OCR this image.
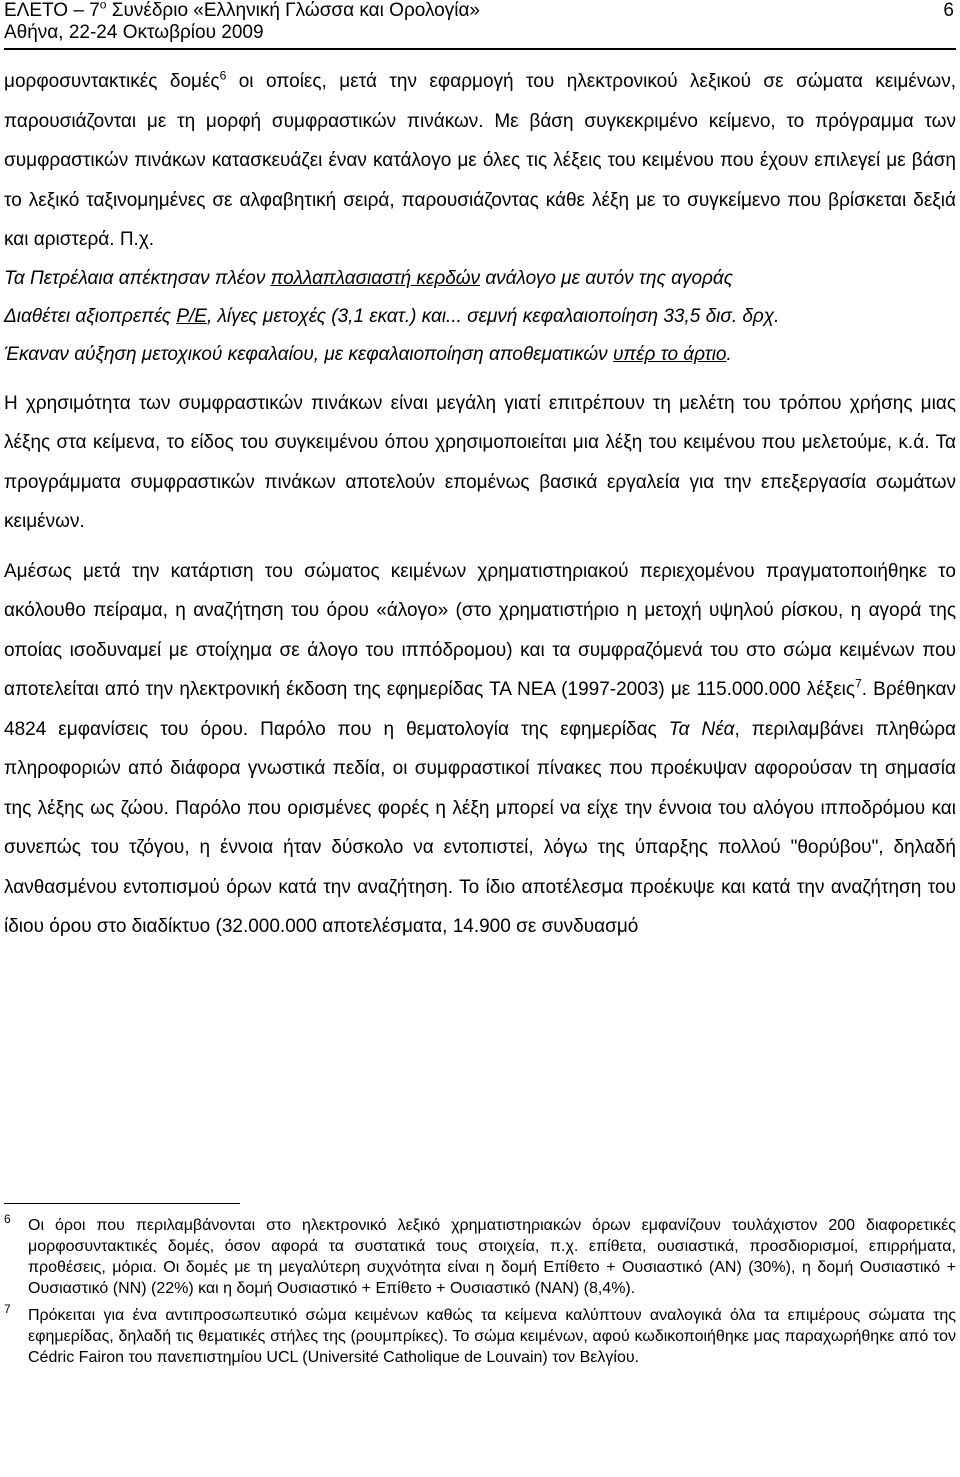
ΕΛΕΤΟ – $7^o$ Συνέδριο «Ελληνική Γλώσσα και Ορολογία»
Αθήνα, 22-24 Οκτωβρίου 2009
6

μορφοσυντακτικές δομές$^6$ οι οποίες, μετά την εφαρμογή του ηλεκτρονικού λεξικού σε σώματα κειμένων, παρουσιάζονται με τη μορφή συμφραστικών πινάκων. Με βάση συγκεκριμένο κείμενο, το πρόγραμμα των συμφραστικών πινάκων κατασκευάζει έναν κατάλογο με όλες τις λέξεις του κειμένου που έχουν επιλεγεί με βάση το λεξικό ταξινομημένες σε αλφαβητική σειρά, παρουσιάζοντας κάθε λέξη με το συγκείμενο που βρίσκεται δεξιά και αριστερά. Π.χ.

Τα Πετρέλαια απέκτησαν πλέον πολλαπλασιαστή κερδών ανάλογο με αυτόν της αγοράς

Διαθέτει αξιοπρεπές P/E, λίγες μετοχές (3,1 εκατ.) και... σεμνή κεφαλαιοποίηση 33,5 δισ. δρχ.

Έκαναν αύξηση μετοχικού κεφαλαίου, με κεφαλαιοποίηση αποθεματικών υπέρ το άρτιο.

Η χρησιμότητα των συμφραστικών πινάκων είναι μεγάλη γιατί επιτρέπουν τη μελέτη του τρόπου χρήσης μιας λέξης στα κείμενα, το είδος του συγκειμένου όπου χρησιμοποιείται μια λέξη του κειμένου που μελετούμε, κ.ά. Τα προγράμματα συμφραστικών πινάκων αποτελούν επομένως βασικά εργαλεία για την επεξεργασία σωμάτων κειμένων.

Αμέσως μετά την κατάρτιση του σώματος κειμένων χρηματιστηριακού περιεχομένου πραγματοποιήθηκε το ακόλουθο πείραμα, η αναζήτηση του όρου «άλογο» (στο χρηματιστήριο η μετοχή υψηλού ρίσκου, η αγορά της οποίας ισοδυναμεί με στοίχημα σε άλογο του ιππόδρομου) και τα συμφραζόμενά του στο σώμα κειμένων που αποτελείται από την ηλεκτρονική έκδοση της εφημερίδας ΤΑ ΝΕΑ (1997-2003) με 115.000.000 λέξεις$^7$. Βρέθηκαν 4824 εμφανίσεις του όρου. Παρόλο που η θεματολογία της εφημερίδας Τα Νέα, περιλαμβάνει πληθώρα πληροφοριών από διάφορα γνωστικά πεδία, οι συμφραστικοί πίνακες που προέκυψαν αφορούσαν τη σημασία της λέξης ως ζώου. Παρόλο που ορισμένες φορές η λέξη μπορεί να είχε την έννοια του αλόγου ιπποδρόμου και συνεπώς του τζόγου, η έννοια ήταν δύσκολο να εντοπιστεί, λόγω της ύπαρξης πολλού "θορύβου", δηλαδή λανθασμένου εντοπισμού όρων κατά την αναζήτηση. Το ίδιο αποτέλεσμα προέκυψε και κατά την αναζήτηση του ίδιου όρου στο διαδίκτυο (32.000.000 αποτελέσματα, 14.900 σε συνδυασμό

6 Οι όροι που περιλαμβάνονται στο ηλεκτρονικό λεξικό χρηματιστηριακών όρων εμφανίζουν τουλάχιστον 200 διαφορετικές μορφοσυντακτικές δομές, όσον αφορά τα συστατικά τους στοιχεία, π.χ. επίθετα, ουσιαστικά, προσδιορισμοί, επιρρήματα, προθέσεις, μόρια. Οι δομές με τη μεγαλύτερη συχνότητα είναι η δομή Επίθετο + Ουσιαστικό (ΑΝ) (30%), η δομή Ουσιαστικό + Ουσιαστικό (ΝΝ) (22%) και η δομή Ουσιαστικό + Επίθετο + Ουσιαστικό (ΝΑΝ) (8,4%).
7 Πρόκειται για ένα αντιπροσωπευτικό σώμα κειμένων καθώς τα κείμενα καλύπτουν αναλογικά όλα τα επιμέρους σώματα της εφημερίδας, δηλαδή τις θεματικές στήλες της (ρουμπρίκες). Το σώμα κειμένων, αφού κωδικοποιήθηκε μας παραχωρήθηκε από τον Cédric Fairon του πανεπιστημίου UCL (Université Catholique de Louvain) τον Βελγίου.
